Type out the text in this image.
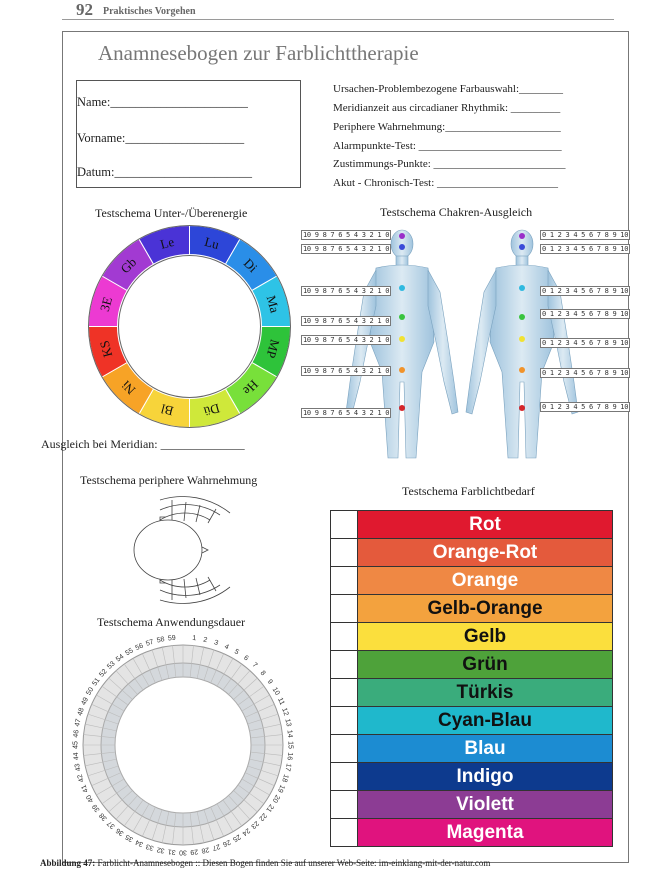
92 Praktisches Vorgehen
Anamnesebogen zur Farblichttherapie
Name:______________________
Vorname:___________________
Datum:______________________
Ursachen-Problembezogene Farbauswahl:________
Meridianzeit aus circadianer Rhythmik: _________
Periphere Wahrnehmung:_____________________
Alarmpunkte-Test: __________________________
Zustimmungs-Punkte: ________________________
Akut - Chronisch-Test: ______________________
Testschema Unter-/Überenergie
Lu
Di
Ma
MP
He
Dü
Bl
Ni
KS
3E
Gb
Le
Ausgleich bei Meridian: ______________
Testschema Chakren-Ausgleich
10 9 8 7 6 5 4 3 2 1 0
10 9 8 7 6 5 4 3 2 1 0
10 9 8 7 6 5 4 3 2 1 0
10 9 8 7 6 5 4 3 2 1 0
10 9 8 7 6 5 4 3 2 1 0
10 9 8 7 6 5 4 3 2 1 0
10 9 8 7 6 5 4 3 2 1 0
0 1 2 3 4 5 6 7 8 9 10
0 1 2 3 4 5 6 7 8 9 10
0 1 2 3 4 5 6 7 8 9 10
0 1 2 3 4 5 6 7 8 9 10
0 1 2 3 4 5 6 7 8 9 10
0 1 2 3 4 5 6 7 8 9 10
0 1 2 3 4 5 6 7 8 9 10
Testschema periphere Wahrnehmung
Testschema Anwendungsdauer
1 2 3
4
5
6
7
8
9
10
11
12
13
14
15
16
17
18
19
20
21
22
23
24
25
26
27
28
29
30
31
32
33
34
35
36
37
38
39
40
41
42
43
44
45
46
47
48
49
50
51
52
53
54
55
56 57 58 59
Testschema Farblichtbedarf
	Rot
	Orange-Rot
	Orange
	Gelb-Orange
	Gelb
	Grün
	Türkis
	Cyan-Blau
	Blau
	Indigo
	Violett
	Magenta
Abbildung 47: Farblicht-Anamnesebogen :: Diesen Bogen finden Sie auf unserer Web-Seite: im-einklang-mit-der-natur.com
